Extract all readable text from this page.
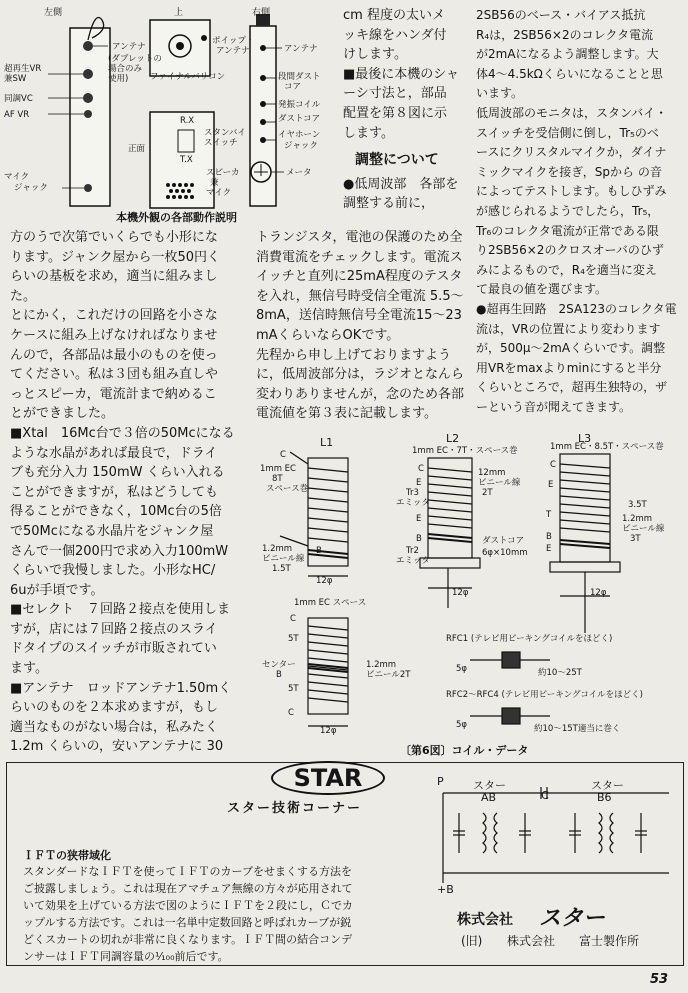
左側	上	右側
アンテナ
(ダブレットの
場合のみ
使用)
超再生VR
兼SW
同調VC
AF VR
マイク
ジャック
ポイップ・
アンテナ
ファイナルバリコン
R.X
スタンバイ
スイッチ
T.X
正面
スピーカ
兼
マイク
アンテナ
段間ダスト
コア
発振コイル
ダストコア
イヤホーン
ジャック
メータ
本機外観の各部動作説明

cm 程度の太いメ

ッキ線をハンダ付

けします。

■最後に本機のシャ

ーシ寸法と，部品

配置を第８図に示

します。

調整について

●低周波部　各部を

調整する前に，

2SB56のベース・バイアス抵抗

R₄は，2SB56×2のコレクタ電流

が2mAになるよう調整します。大

体4〜4.5kΩくらいになることと思

います。

低周波部のモニタは，スタンバイ・

スイッチを受信側に倒し，Tr₅のベ

ースにクリスタルマイクか，ダイナ

ミックマイクを接ぎ，Spから の音

によってテストします。もしひずみ

が感じられるようでしたら，Tr₅，

Tr₆のコレクタ電流が正常である限

り2SB56×2のクロスオーバのひず

みによるもので，R₄を適当に変え

て最良の値を選びます。

●超再生回路　2SA123のコレクタ電

流は，VRの位置により変わります

が，500μ〜2mAくらいです。調整

用VRをmaxよりminにすると半分

くらいところで，超再生独特の，ザ

ーという音が聞えてきます。

方のうで次第でいくらでも小形にな

ります。ジャンク屋から一枚50円く

らいの基板を求め，適当に組みまし

た。

とにかく，これだけの回路を小さな

ケースに組み上げなければなりませ

んので，各部品は最小のものを使っ

てください。私は３団も組み直しや

っとスピーカ，電流計まで納めるこ

とができました。

■Xtal　16Mc台で３倍の50Mcになる

ような水晶があれば最良で，ドライ

ブも充分入力 150mW くらい入れる

ことができますが，私はどうしても

得ることができなく，10Mc台の5倍

で50Mcになる水晶片をジャンク屋

さんで一個200円で求め入力100mW

くらいで我慢しました。小形なHC/

6uが手頃です。

■セレクト　７回路２接点を使用しま

すが，店には７回路２接点のスライ

ドタイプのスイッチが市販されてい

ます。

■アンテナ　ロッドアンテナ1.50mく

らいのものを２本求めますが，もし

適当なものがない場合は，私みたく

1.2m くらいの，安いアンテナに 30

トランジスタ，電池の保護のため全

消費電流をチェックします。電流ス

イッチと直列に25mA程度のテスタ

を入れ，無信号時受信全電流 5.5〜

8mA，送信時無信号全電流15〜23

mAくらいならOKです。

先程から申し上げておりますよう

に，低周波部分は，ラジオとなんら

変わりありませんが，念のため各部

電流値を第３表に記載します。

L1
C
1mm EC
8T
スペース巻
1.2mm
ビニール線
1.5T
B
12φ
L2
1mm EC・7T・スペース巻
C
E
Tr3
エミッタ
12mm
ビニール線
2T
E
B
Tr2
エミッタ
ダストコア
6φ×10mm
12φ
L3
1mm EC・8.5T・スペース巻
C
E
T
3.5T
1.2mm
ビニール線
3T
B
E
12φ
1mm EC スペース
C
5T
センター
B
1.2mm
ビニール2T
5T
C
12φ
RFC1 (テレビ用ピーキングコイルをほどく)
5φ	約10〜25T
RFC2〜RFC4 (テレビ用ピーキングコイルをほどく)
5φ	約10〜15T適当に巻く
〔第6図〕コイル・データ
STAR
スター技術コーナー
ＩＦＴの狭帯域化

スタンダードなＩＦＴを使ってＩＦＴのカーブをせまくする方法を

ご披露しましょう。これは現在アマチュア無線の方々が応用されて

いて効果を上げている方法で図のようにＩＦＴを２段にし，Ｃでカ

ップルする方法です。これは一名単中定数回路と呼ばれカーブが鋭

どくスカートの切れが非常に良くなります。ＩＦＴ間の結合コンデ

ンサーはＩＦＴ同調容量の¹⁄₁₀₀前后です。

P
+B
C
スター
AB
スター
B6
株式会社 スター
(旧) 株式会社 富士製作所
53
